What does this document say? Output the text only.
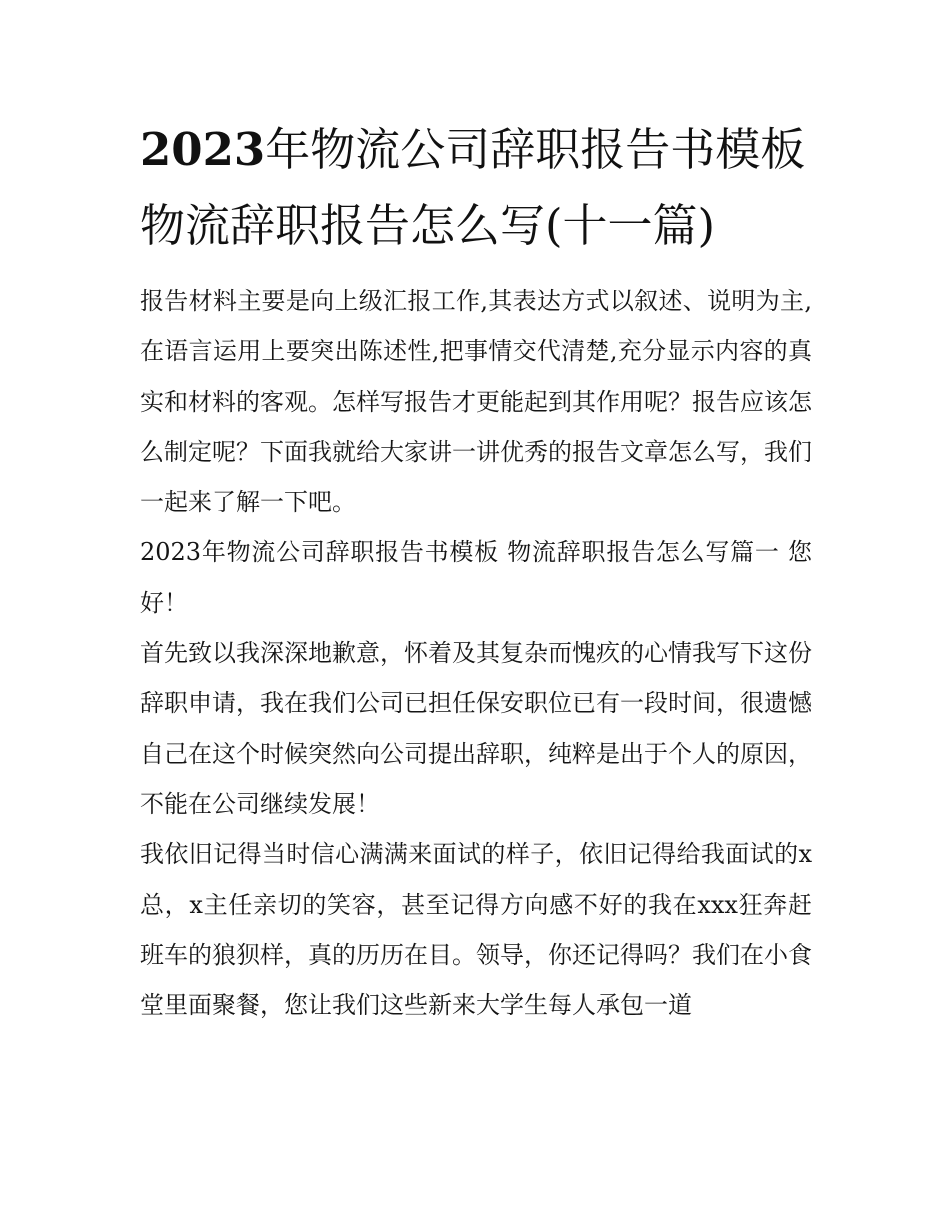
2023年物流公司辞职报告书模板 物流辞职报告怎么写(十一篇)

报告材料主要是向上级汇报工作,其表达方式以叙述、说明为主,在语言运用上要突出陈述性,把事情交代清楚,充分显示内容的真实和材料的客观。怎样写报告才更能起到其作用呢？报告应该怎么制定呢？下面我就给大家讲一讲优秀的报告文章怎么写，我们一起来了解一下吧。

2023年物流公司辞职报告书模板 物流辞职报告怎么写篇一 您好！

首先致以我深深地歉意，怀着及其复杂而愧疚的心情我写下这份辞职申请，我在我们公司已担任保安职位已有一段时间，很遗憾自己在这个时候突然向公司提出辞职，纯粹是出于个人的原因，不能在公司继续发展！

我依旧记得当时信心满满来面试的样子，依旧记得给我面试的x总，x主任亲切的笑容，甚至记得方向感不好的我在xxx狂奔赶班车的狼狈样，真的历历在目。领导，你还记得吗？我们在小食堂里面聚餐，您让我们这些新来大学生每人承包一道
